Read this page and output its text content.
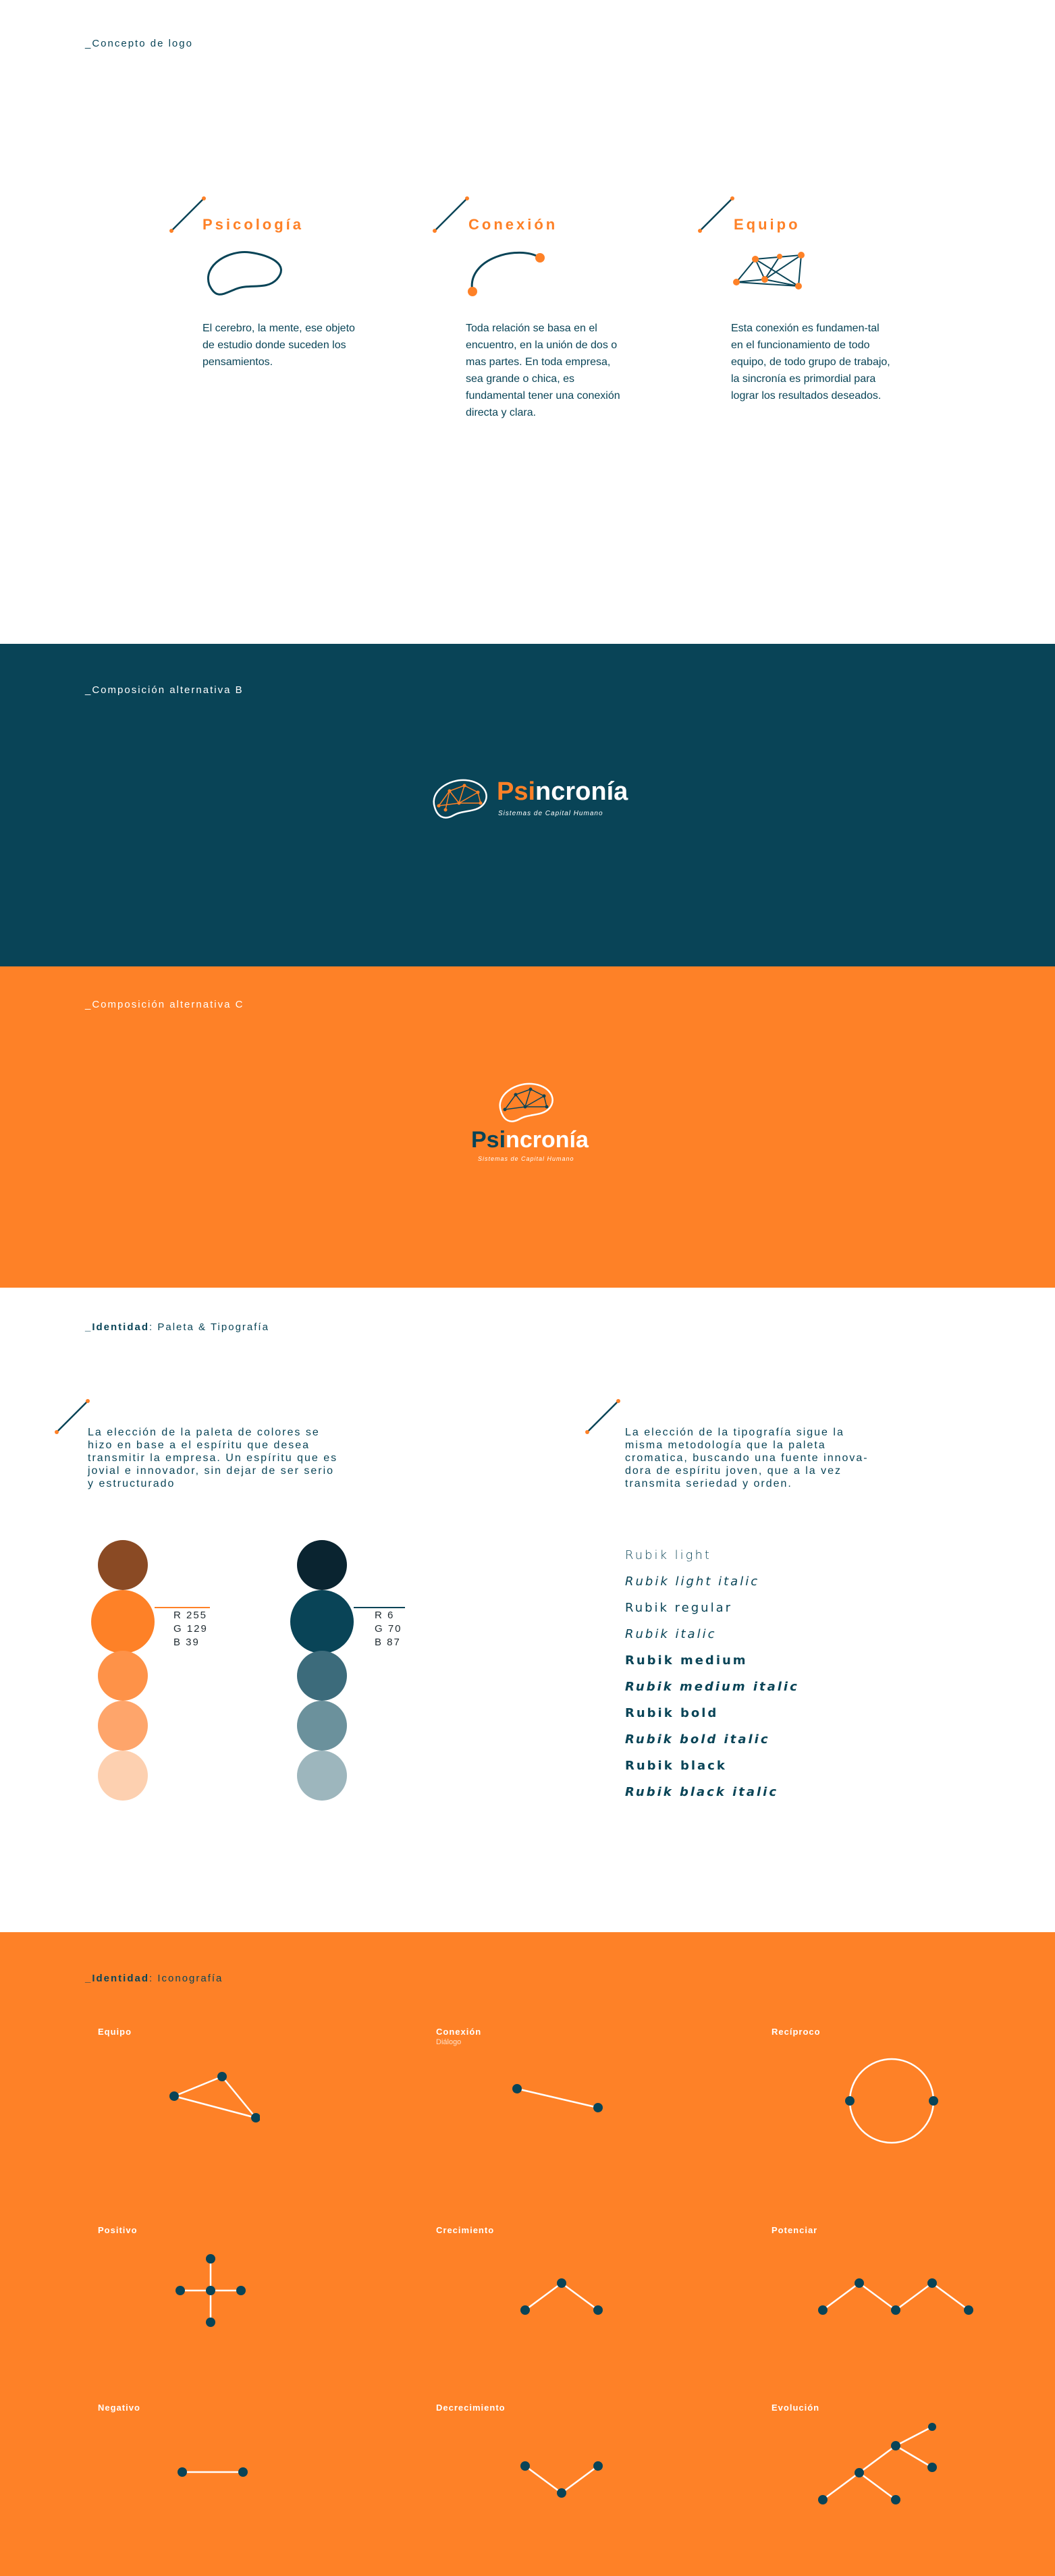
_Concepto de logo
Psicología
El cerebro, la mente, ese objeto de estudio donde suceden los pensamientos.
Conexión
Toda relación se basa en el encuentro, en la unión de dos o mas partes. En toda empresa, sea grande o chica, es fundamental tener una conexión directa y clara.
Equipo
Esta conexión es fundamen-tal en el funcionamiento de todo equipo, de todo grupo de trabajo, la sincronía es primordial para lograr los resultados deseados.
_Composición alternativa B
Psincronía
Sistemas de Capital Humano
_Composición alternativa C
Psincronía
Sistemas de Capital Humano
_Identidad: Paleta & Tipografía
La elección de la paleta de colores se hizo en base a el espíritu que desea transmitir la empresa. Un espíritu que es jovial e innovador, sin dejar de ser serio y estructurado
La elección de la tipografía sigue la misma metodología que la paleta cromatica, buscando una fuente innova-dora de espíritu joven, que a la vez transmita seriedad y orden.
R 255
G 129
B 39
R 6
G 70
B 87
Rubik light
Rubik light italic
Rubik regular
Rubik italic
Rubik medium
Rubik medium italic
Rubik bold
Rubik bold italic
Rubik black
Rubik black italic
_Identidad: Iconografía
Equipo	Conexión
Diálogo
Recíproco
Positivo	Crecimiento	Potenciar
Negativo	Decrecimiento	Evolución
